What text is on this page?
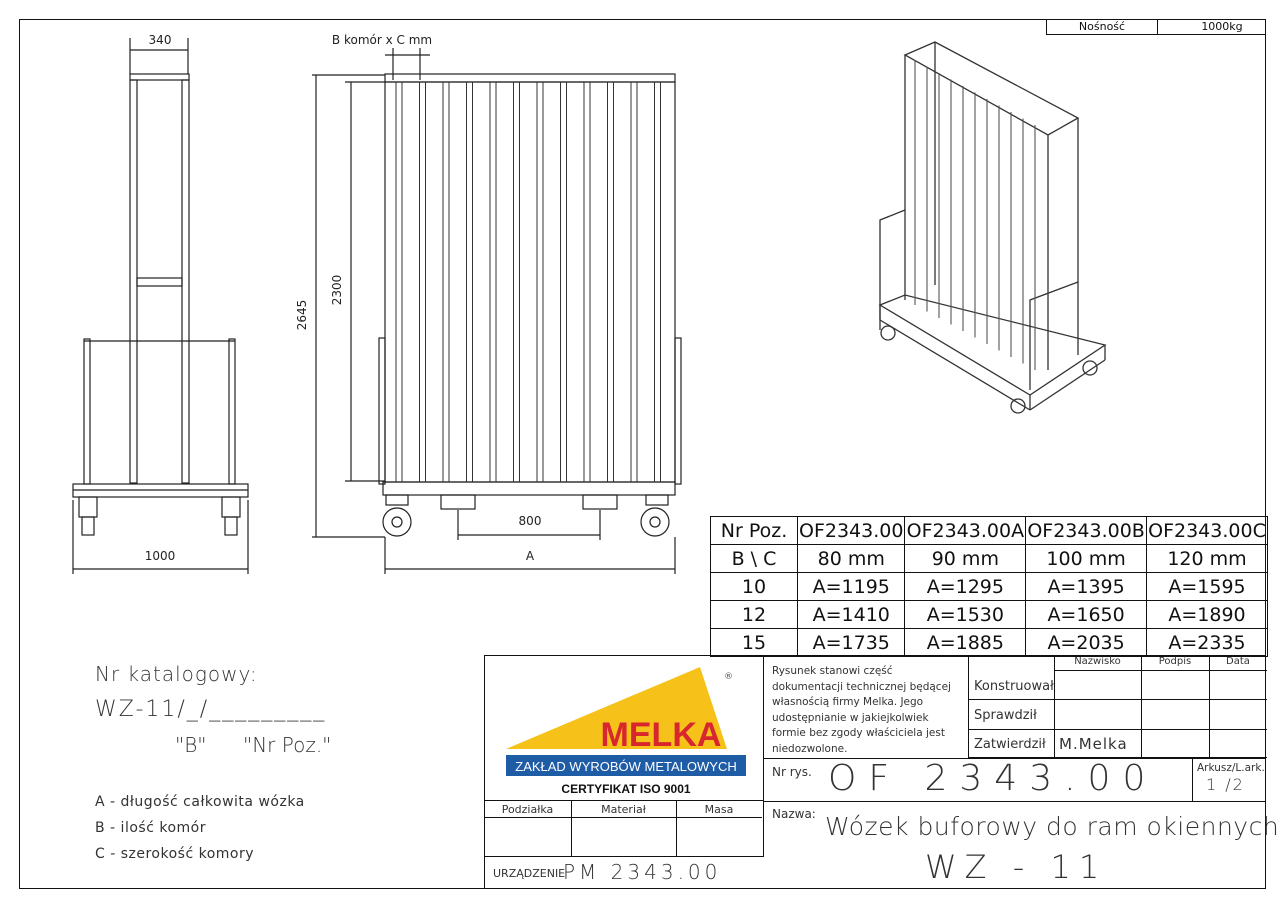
Nośność	1000kg
340
1000
B komór x C mm
2645
2300
800
A
Nr Poz.	OF2343.00	OF2343.00A	OF2343.00B	OF2343.00C
B \ C	80 mm	90 mm	100 mm	120 mm
10	A=1195	A=1295	A=1395	A=1595
12	A=1410	A=1530	A=1650	A=1890
15	A=1735	A=1885	A=2035	A=2335
Nr katalogowy:
WZ-11/_/_________
"B" "Nr Poz."
A - długość całkowita wózka
B - ilość komór
C - szerokość komory
MELKA
®
ZAKŁAD WYROBÓW METALOWYCH
CERTYFIKAT ISO 9001
Podziałka	Materiał	Masa
URZĄDZENIE
PM 2343.00
Rysunek stanowi część dokumentacji technicznej będącej własnością firmy Melka. Jego udostępnianie w jakiejkolwiek formie bez zgody właściciela jest niedozwolone.
Nazwisko	Podpis	Data
Konstruował
Sprawdził
Zatwierdził M.Melka
Nr rys. OF 2343.00	Arkusz/L.ark.
1 /2
Nazwa: Wózek buforowy do ram okiennych
WZ - 11
